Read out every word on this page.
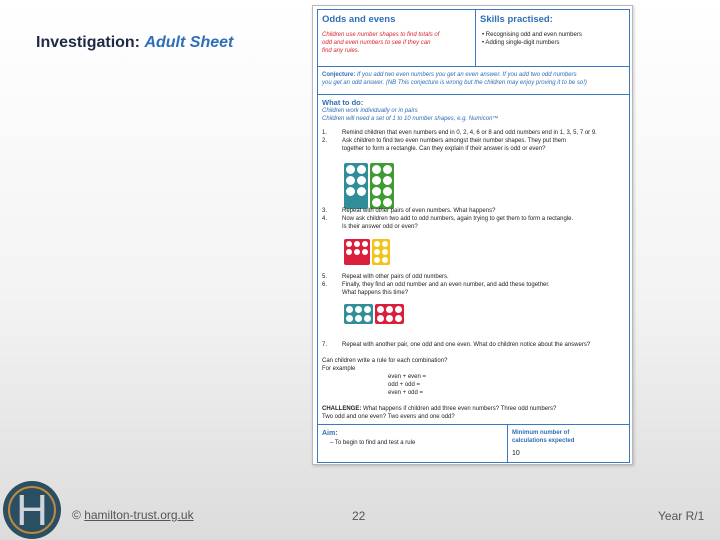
Investigation: Adult Sheet
Odds and evens
Children use number shapes to find totals of
odd and even numbers to see if they can
find any rules.
Skills practised:
• Recognising odd and even numbers
• Adding single-digit numbers
Conjecture: If you add two even numbers you get an even answer. If you add two odd numbers
you get an odd answer. (NB This conjecture is wrong but the children may enjoy proving it to be so!)
What to do:
Children work individually or in pairs
Children will need a set of 1 to 10 number shapes, e.g. Numicon™
1. Remind children that even numbers end in 0, 2, 4, 6 or 8 and odd numbers end in 1, 3, 5, 7 or 9.
2. Ask children to find two even numbers amongst their number shapes. They put them
together to form a rectangle. Can they explain if their answer is odd or even?
3. Repeat with other pairs of even numbers. What happens?
4. Now ask children two add to odd numbers, again trying to get them to form a rectangle.
Is their answer odd or even?
5. Repeat with other pairs of odd numbers.
6. Finally, they find an odd number and an even number, and add these together.
What happens this time?
7. Repeat with another pair, one odd and one even. What do children notice about the answers?
Can children write a rule for each combination?
For example
even + even =
odd + odd =
even + odd =
CHALLENGE: What happens if children add three even numbers? Three odd numbers?
Two odd and one even? Two evens and one odd?
Aim:
– To begin to find and test a rule
Minimum number of
calculations expected
10
H	© hamilton-trust.org.uk	22	Year R/1
